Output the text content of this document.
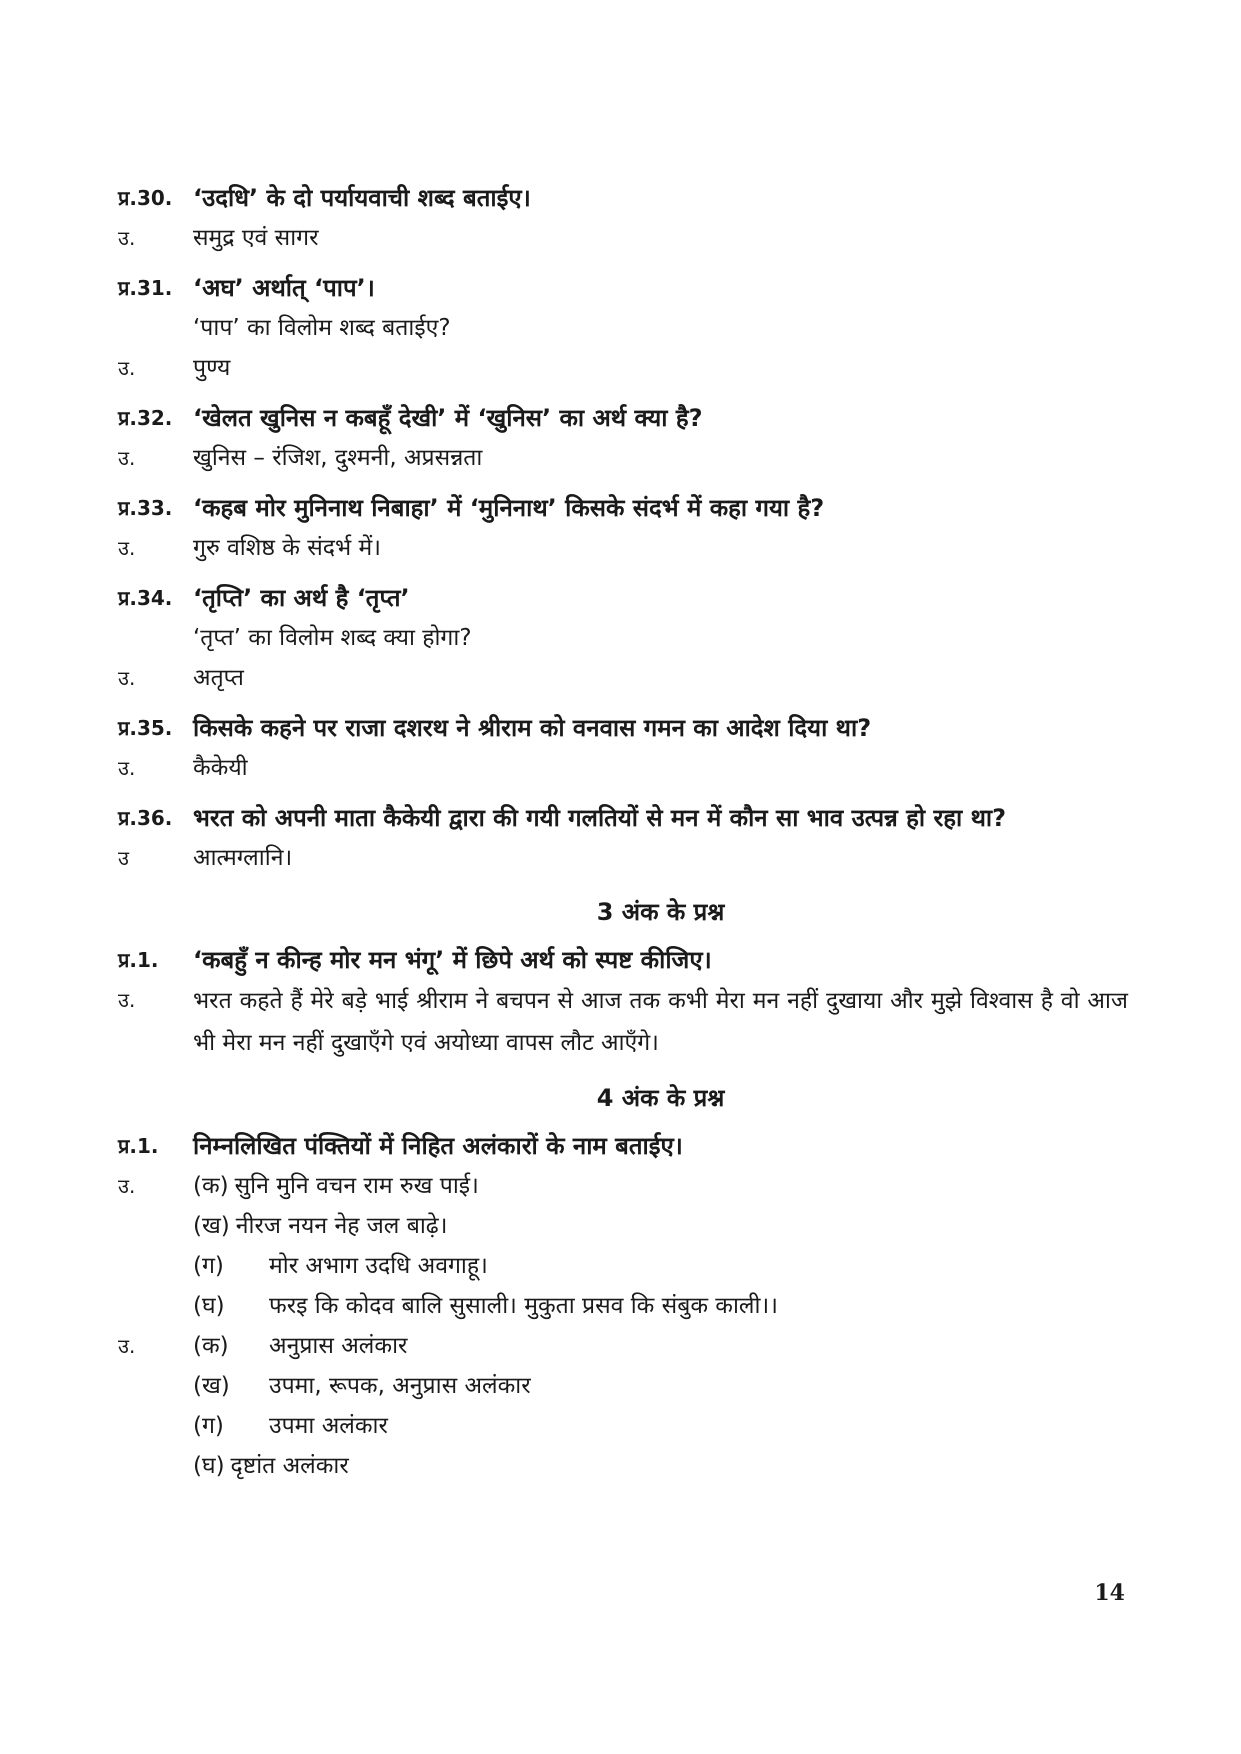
प्र.30. ‘उदधि’ के दो पर्यायवाची शब्द बताईए।
उ.	समुद्र एवं सागर
प्र.31. ‘अघ’ अर्थात् ‘पाप’।
‘पाप’ का विलोम शब्द बताईए?
उ.	पुण्य
प्र.32. ‘खेलत खुनिस न कबहूँ देखी’ में ‘खुनिस’ का अर्थ क्या है?
उ.	खुनिस – रंजिश, दुश्मनी, अप्रसन्नता
प्र.33. ‘कहब मोर मुनिनाथ निबाहा’ में ‘मुनिनाथ’ किसके संदर्भ में कहा गया है?
उ.	गुरु वशिष्ठ के संदर्भ में।
प्र.34. ‘तृप्ति’ का अर्थ है ‘तृप्त’
‘तृप्त’ का विलोम शब्द क्या होगा?
उ.	अतृप्त
प्र.35. किसके कहने पर राजा दशरथ ने श्रीराम को वनवास गमन का आदेश दिया था?
उ.	कैकेयी
प्र.36. भरत को अपनी माता कैकेयी द्वारा की गयी गलतियों से मन में कौन सा भाव उत्पन्न हो रहा था?
उ	आत्मग्लानि।
3 अंक के प्रश्न
प्र.1.	‘कबहुँ न कीन्ह मोर मन भंगू’ में छिपे अर्थ को स्पष्ट कीजिए।
उ.	भरत कहते हैं मेरे बड़े भाई श्रीराम ने बचपन से आज तक कभी मेरा मन नहीं दुखाया और मुझे विश्वास है वो आज भी मेरा मन नहीं दुखाएँगे एवं अयोध्या वापस लौट आएँगे।
4 अंक के प्रश्न
प्र.1.	निम्नलिखित पंक्तियों में निहित अलंकारों के नाम बताईए।
उ.	(क) सुनि मुनि वचन राम रुख पाई।
(ख) नीरज नयन नेह जल बाढ़े।
(ग)	मोर अभाग उदधि अवगाहू।
(घ)	फरइ कि कोदव बालि सुसाली। मुकुता प्रसव कि संबुक काली।।
उ.	(क)	अनुप्रास अलंकार
(ख)	उपमा, रूपक, अनुप्रास अलंकार
(ग)	उपमा अलंकार
(घ) दृष्टांत अलंकार
14
